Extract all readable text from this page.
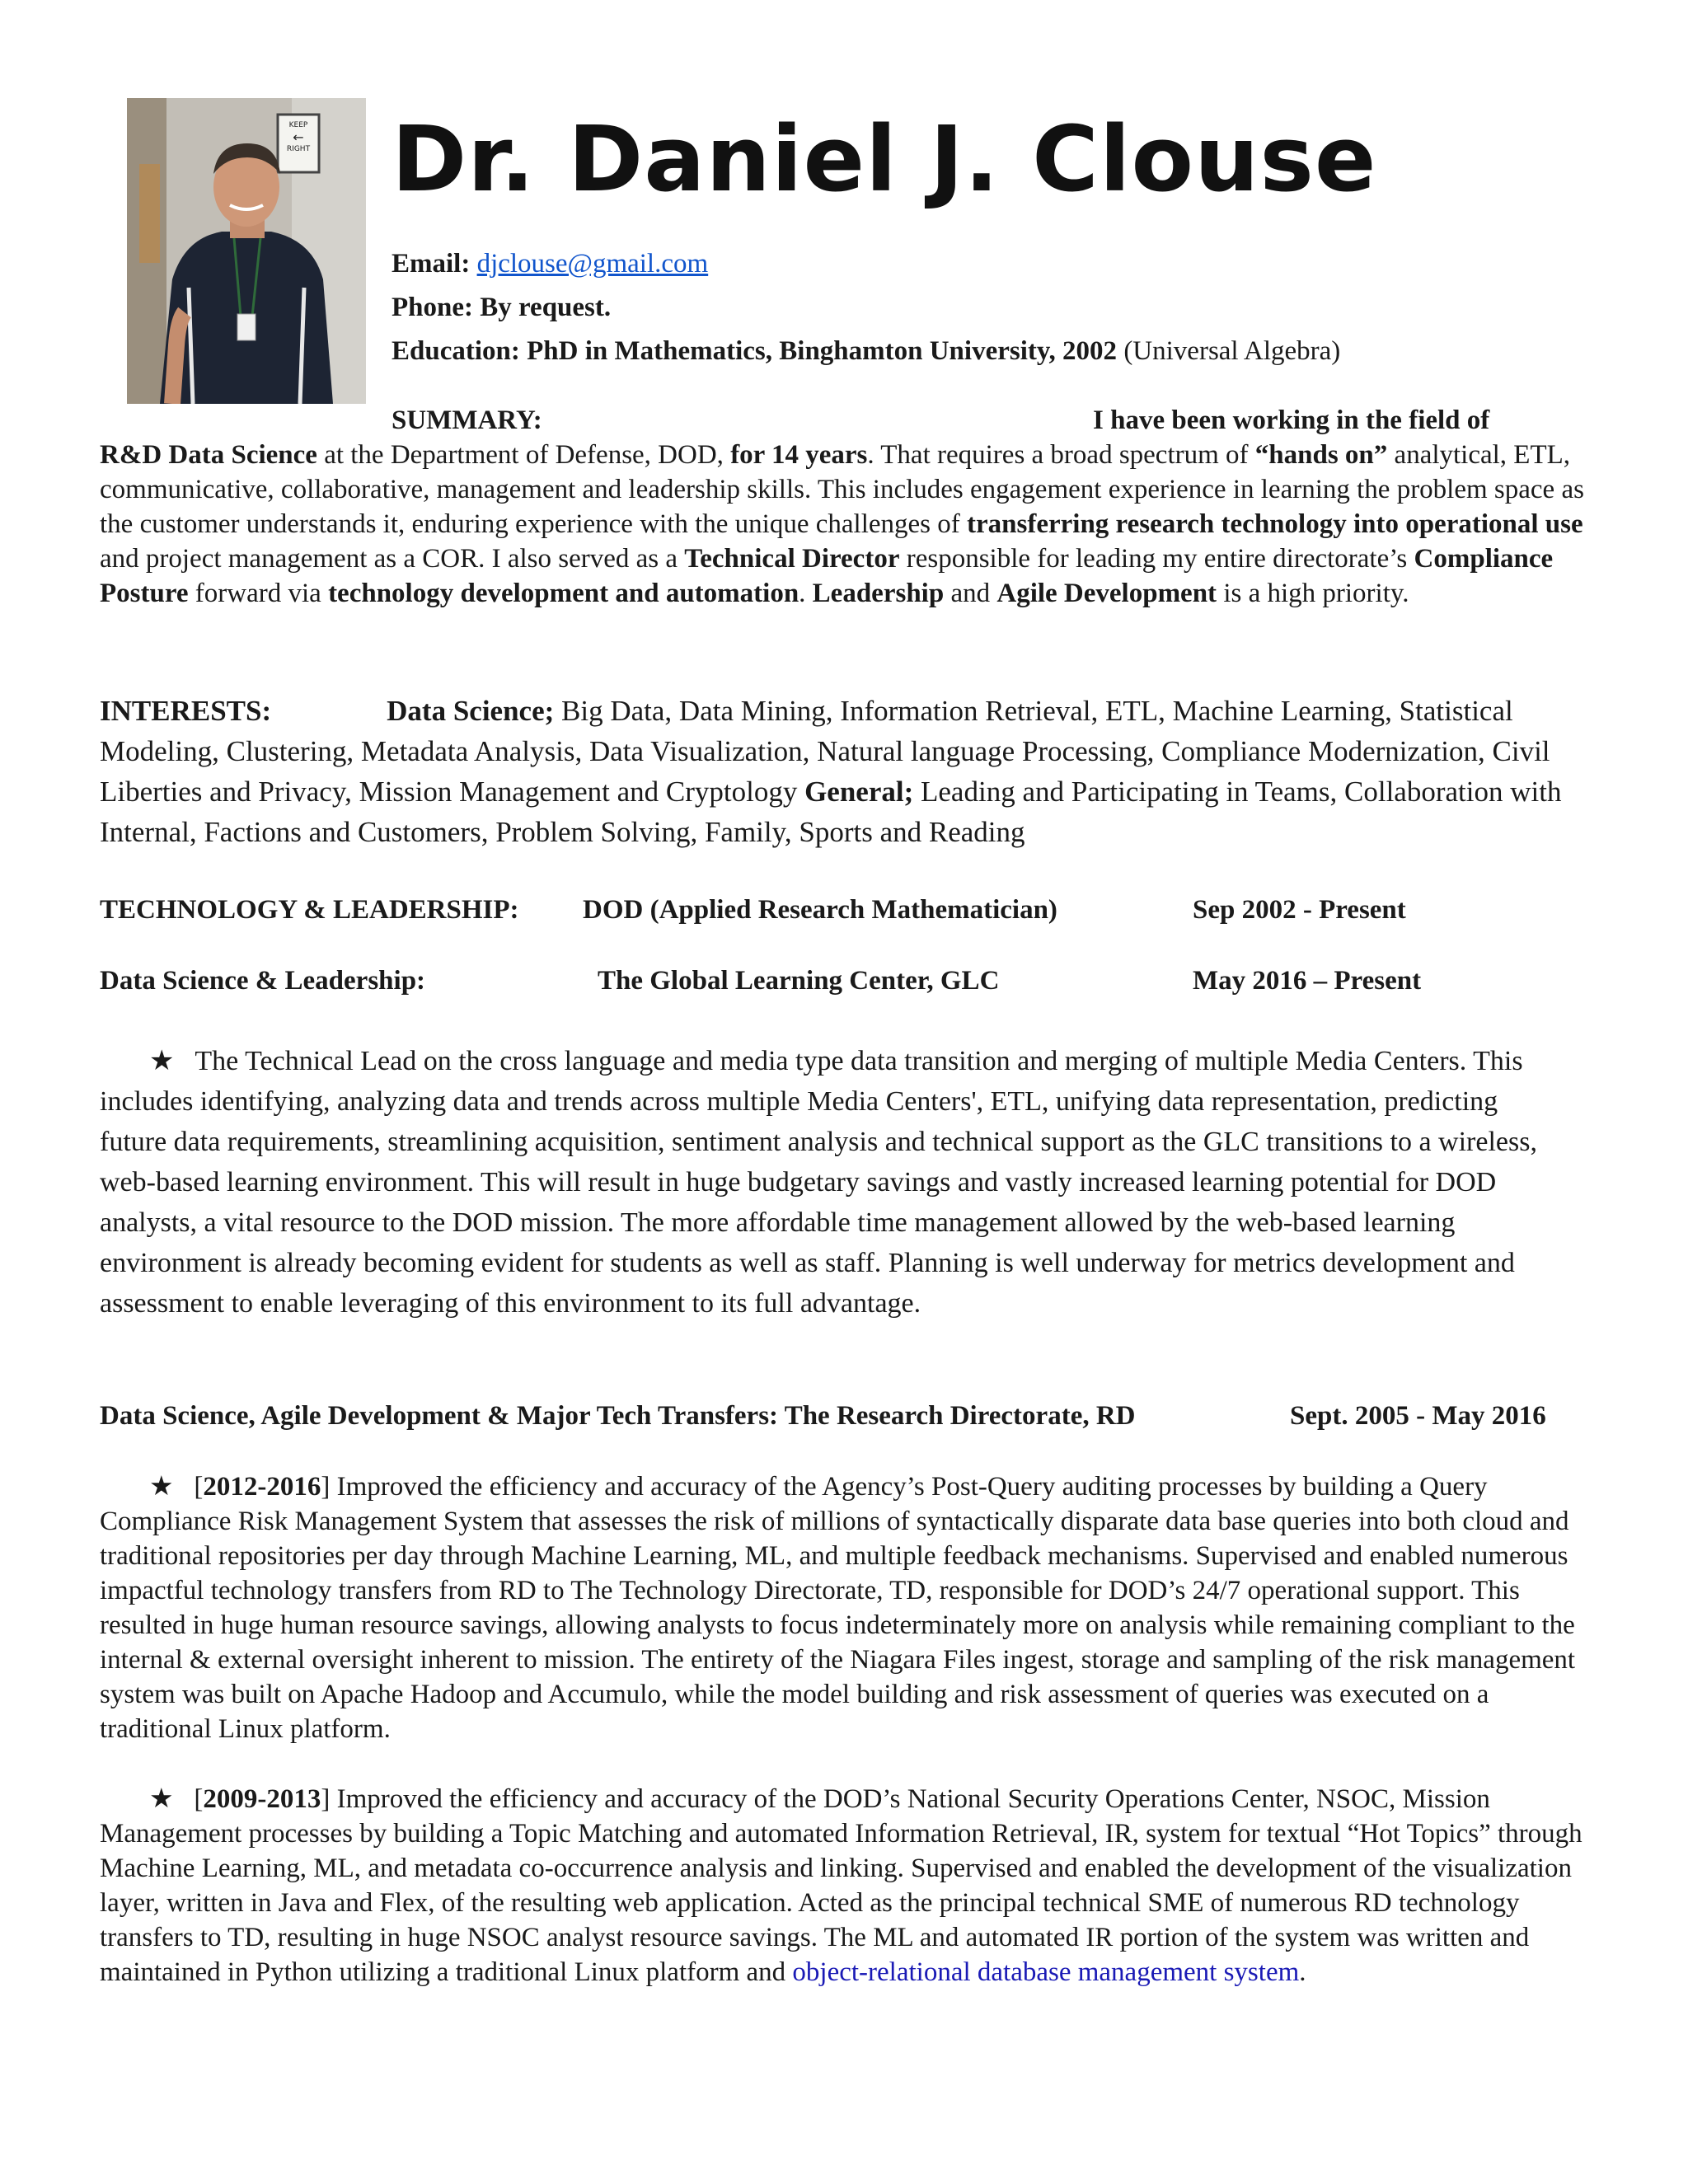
KEEP
←
RIGHT Dr. Daniel J. Clouse
Email: djclouse@gmail.com
Phone: By request.
Education: PhD in Mathematics, Binghamton University, 2002 (Universal Algebra)
SUMMARY:	I have been working in the field of
R&D Data Science at the Department of Defense, DOD, for 14 years. That requires a broad spectrum of “hands on” analytical, ETL, communicative, collaborative, management and leadership skills. This includes engagement experience in learning the problem space as the customer understands it, enduring experience with the unique challenges of transferring research technology into operational use and project management as a COR. I also served as a Technical Director responsible for leading my entire directorate’s Compliance Posture forward via technology development and automation. Leadership and Agile Development is a high priority.
INTERESTS:	Data Science; Big Data, Data Mining, Information Retrieval, ETL, Machine Learning, Statistical Modeling, Clustering, Metadata Analysis, Data Visualization, Natural language Processing, Compliance Modernization, Civil Liberties and Privacy, Mission Management and Cryptology General; Leading and Participating in Teams, Collaboration with Internal, Factions and Customers, Problem Solving, Family, Sports and Reading
TECHNOLOGY & LEADERSHIP: DOD (Applied Research Mathematician)	Sep 2002 - Present
Data Science & Leadership:	The Global Learning Center, GLC	May 2016 – Present
★ The Technical Lead on the cross language and media type data transition and merging of multiple Media Centers. This includes identifying, analyzing data and trends across multiple Media Centers', ETL, unifying data representation, predicting future data requirements, streamlining acquisition, sentiment analysis and technical support as the GLC transitions to a wireless, web-based learning environment. This will result in huge budgetary savings and vastly increased learning potential for DOD analysts, a vital resource to the DOD mission. The more affordable time management allowed by the web-based learning environment is already becoming evident for students as well as staff. Planning is well underway for metrics development and assessment to enable leveraging of this environment to its full advantage.
Data Science, Agile Development & Major Tech Transfers: The Research Directorate, RD	Sept. 2005 - May 2016
★   [2012-2016] Improved the efficiency and accuracy of the Agency’s Post-Query auditing processes by building a Query Compliance Risk Management System that assesses the risk of millions of syntactically disparate data base queries into both cloud and traditional repositories per day through Machine Learning, ML, and multiple feedback mechanisms. Supervised and enabled numerous impactful technology transfers from RD to The Technology Directorate, TD, responsible for DOD’s 24/7 operational support. This resulted in huge human resource savings, allowing analysts to focus indeterminately more on analysis while remaining compliant to the internal & external oversight inherent to mission. The entirety of the Niagara Files ingest, storage and sampling of the risk management system was built on Apache Hadoop and Accumulo, while the model building and risk assessment of queries was executed on a traditional Linux platform.
★   [2009-2013] Improved the efficiency and accuracy of the DOD’s National Security Operations Center, NSOC, Mission Management processes by building a Topic Matching and automated Information Retrieval, IR, system for textual “Hot Topics” through Machine Learning, ML, and metadata co-occurrence analysis and linking. Supervised and enabled the development of the visualization layer, written in Java and Flex, of the resulting web application. Acted as the principal technical SME of numerous RD technology transfers to TD, resulting in huge NSOC analyst resource savings. The ML and automated IR portion of the system was written and maintained in Python utilizing a traditional Linux platform and object-relational database management system.
